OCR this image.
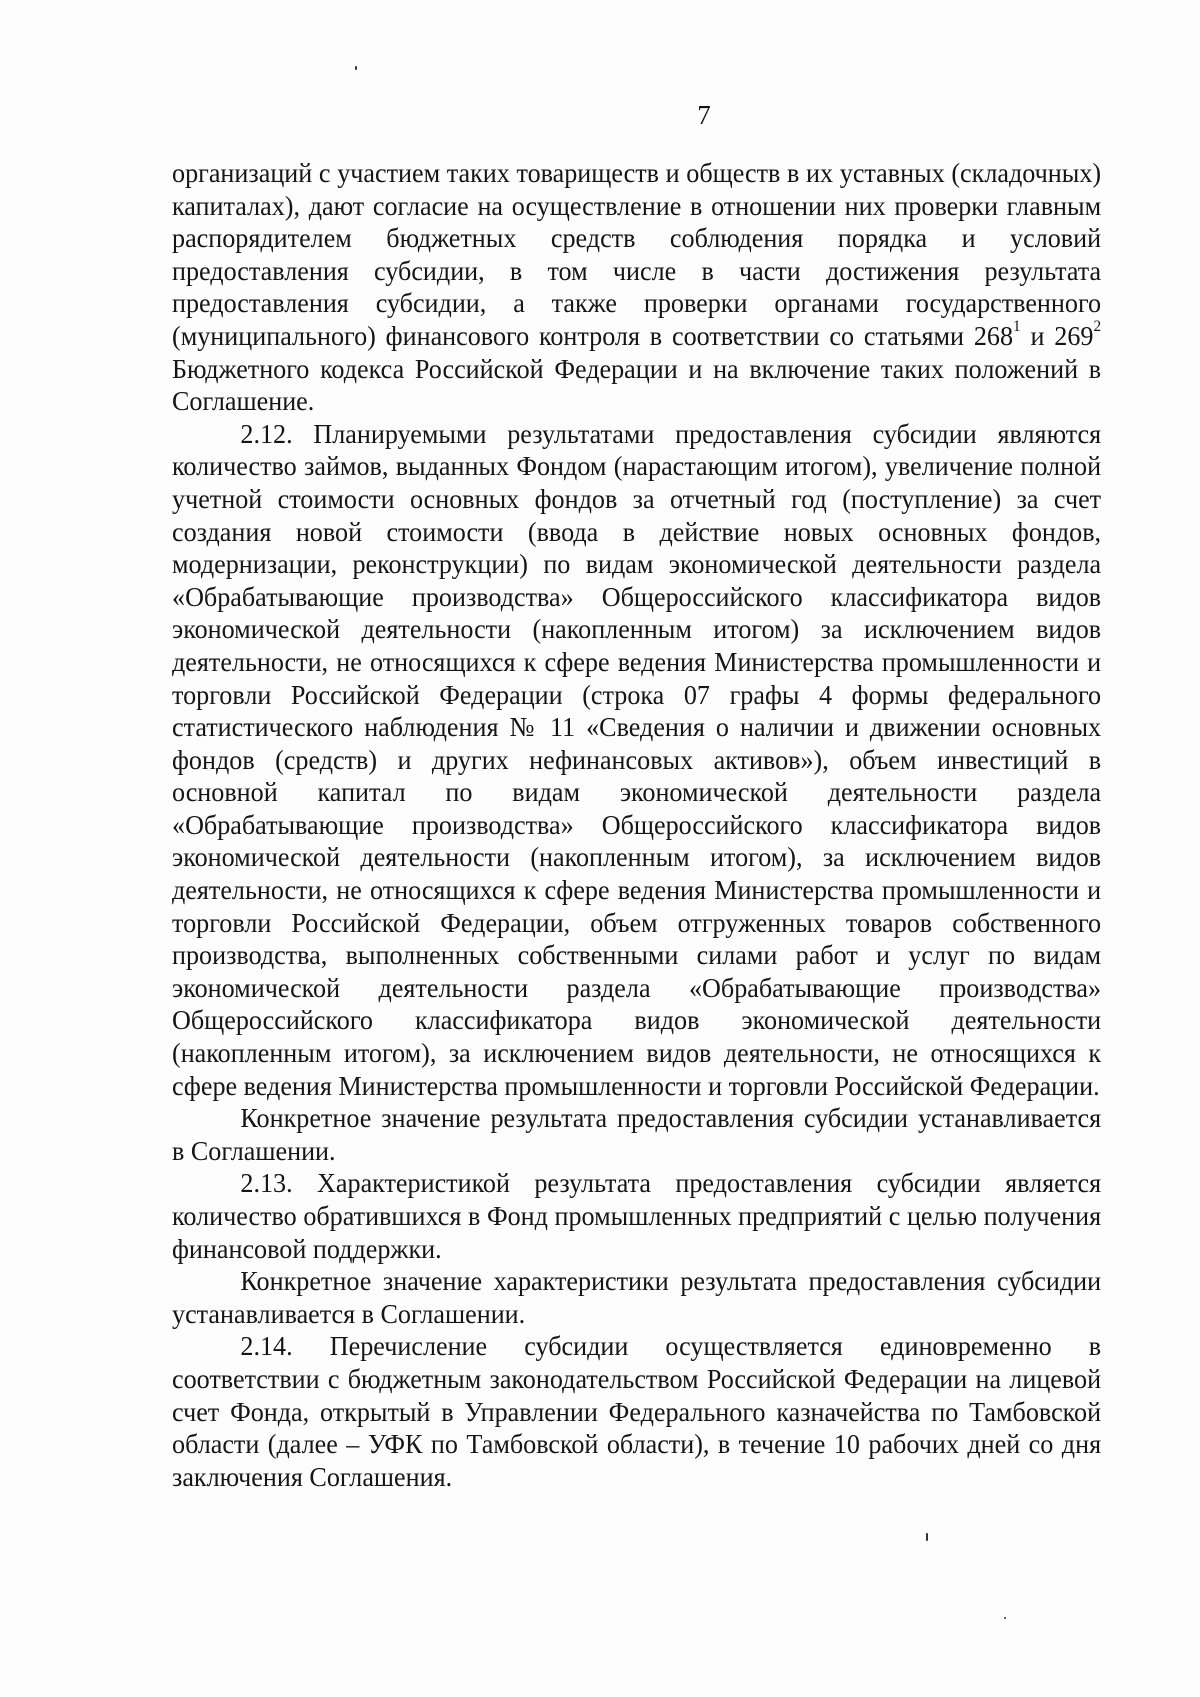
7

организаций с участием таких товариществ и обществ в их уставных (складочных) капиталах), дают согласие на осуществление в отношении них проверки главным распорядителем бюджетных средств соблюдения порядка и условий предоставления субсидии, в том числе в части достижения результата предоставления субсидии, а также проверки органами государственного (муниципального) финансового контроля в соответствии со статьями $268^1$ и $269^2$ Бюджетного кодекса Российской Федерации и на включение таких положений в Соглашение.

2.12. Планируемыми результатами предоставления субсидии являются количество займов, выданных Фондом (нарастающим итогом), увеличение полной учетной стоимости основных фондов за отчетный год (поступление) за счет создания новой стоимости (ввода в действие новых основных фондов, модернизации, реконструкции) по видам экономической деятельности раздела «Обрабатывающие производства» Общероссийского классификатора видов экономической деятельности (накопленным итогом) за исключением видов деятельности, не относящихся к сфере ведения Министерства промышленности и торговли Российской Федерации (строка 07 графы 4 формы федерального статистического наблюдения № 11 «Сведения о наличии и движении основных фондов (средств) и других нефинансовых активов»), объем инвестиций в основной капитал по видам экономической деятельности раздела «Обрабатывающие производства» Общероссийского классификатора видов экономической деятельности (накопленным итогом), за исключением видов деятельности, не относящихся к сфере ведения Министерства промышленности и торговли Российской Федерации, объем отгруженных товаров собственного производства, выполненных собственными силами работ и услуг по видам экономической деятельности раздела «Обрабатывающие производства» Общероссийского классификатора видов экономической деятельности (накопленным итогом), за исключением видов деятельности, не относящихся к сфере ведения Министерства промышленности и торговли Российской Федерации.

Конкретное значение результата предоставления субсидии устанавливается в Соглашении.

2.13. Характеристикой результата предоставления субсидии является количество обратившихся в Фонд промышленных предприятий с целью получения финансовой поддержки.

Конкретное значение характеристики результата предоставления субсидии устанавливается в Соглашении.

2.14. Перечисление субсидии осуществляется единовременно в соответствии с бюджетным законодательством Российской Федерации на лицевой счет Фонда, открытый в Управлении Федерального казначейства по Тамбовской области (далее – УФК по Тамбовской области), в течение 10 рабочих дней со дня заключения Соглашения.
